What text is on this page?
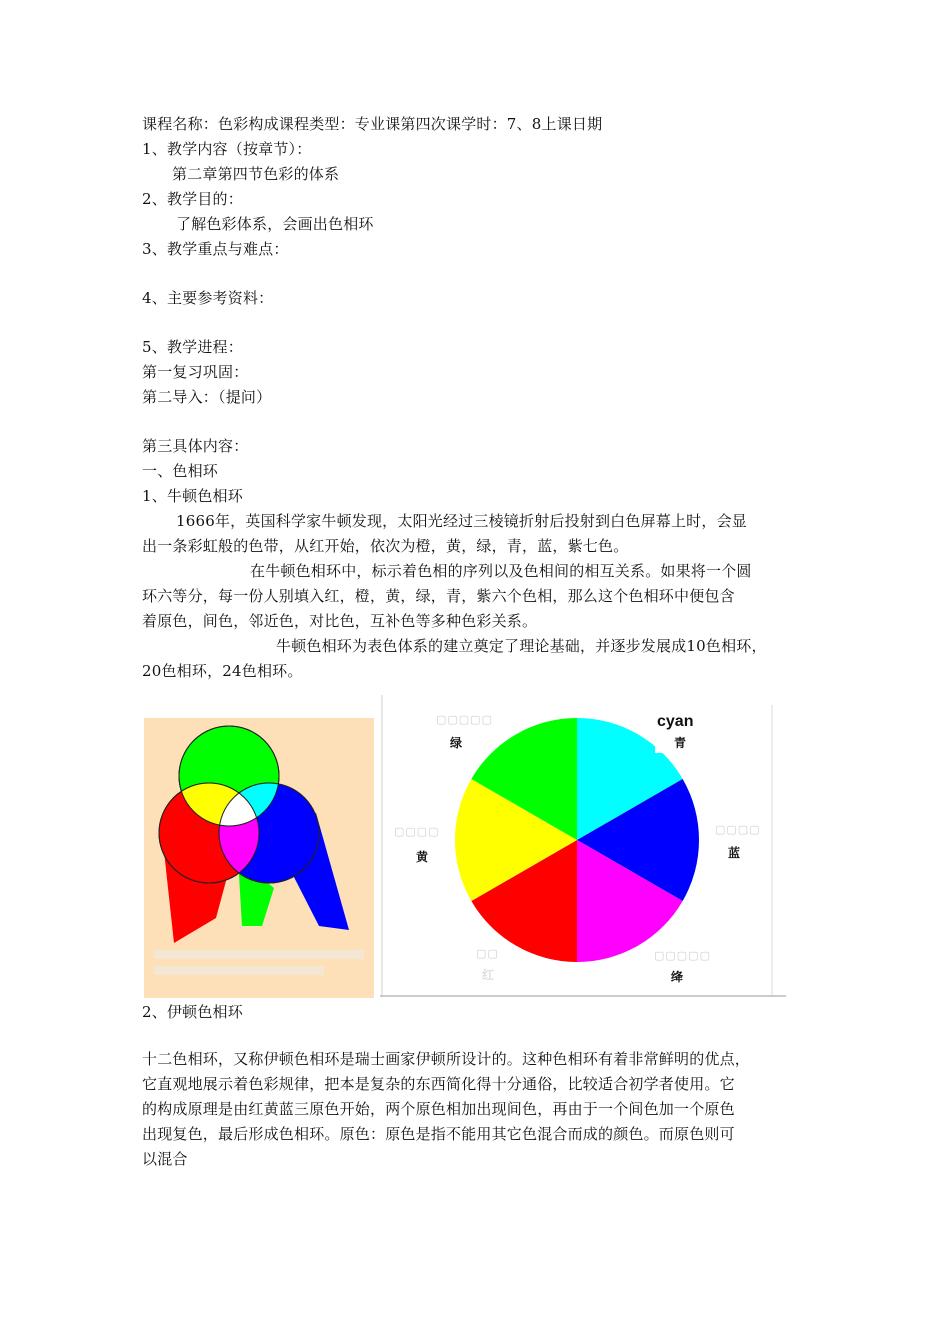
课程名称：色彩构成课程类型：专业课第四次课学时：7、8上课日期
1、教学内容（按章节）：
第二章第四节色彩的体系
2、教学目的：
了解色彩体系，会画出色相环
3、教学重点与难点：
4、主要参考资料：
5、教学进程：
第一复习巩固：
第二导入：（提问）
第三具体内容：
一、色相环
1、牛顿色相环
1666年，英国科学家牛顿发现，太阳光经过三棱镜折射后投射到白色屏幕上时，会显
出一条彩虹般的色带，从红开始，依次为橙，黄，绿，青，蓝，紫七色。
在牛顿色相环中，标示着色相的序列以及色相间的相互关系。如果将一个圆
环六等分，每一份人别填入红，橙，黄，绿，青，紫六个色相，那么这个色相环中便包含
着原色，间色，邻近色，对比色，互补色等多种色彩关系。
牛顿色相环为表色体系的建立奠定了理论基础，并逐步发展成10色相环，
20色相环，24色相环。
▢▢▢▢▢
绿
cyan
青
▢▢▢▢
黄
▢▢▢▢
蓝
▢▢
红
▢▢▢▢▢
绛
2、伊顿色相环
十二色相环，又称伊顿色相环是瑞士画家伊顿所设计的。这种色相环有着非常鲜明的优点，
它直观地展示着色彩规律，把本是复杂的东西简化得十分通俗，比较适合初学者使用。它
的构成原理是由红黄蓝三原色开始，两个原色相加出现间色，再由于一个间色加一个原色
出现复色，最后形成色相环。原色：原色是指不能用其它色混合而成的颜色。而原色则可
以混合
